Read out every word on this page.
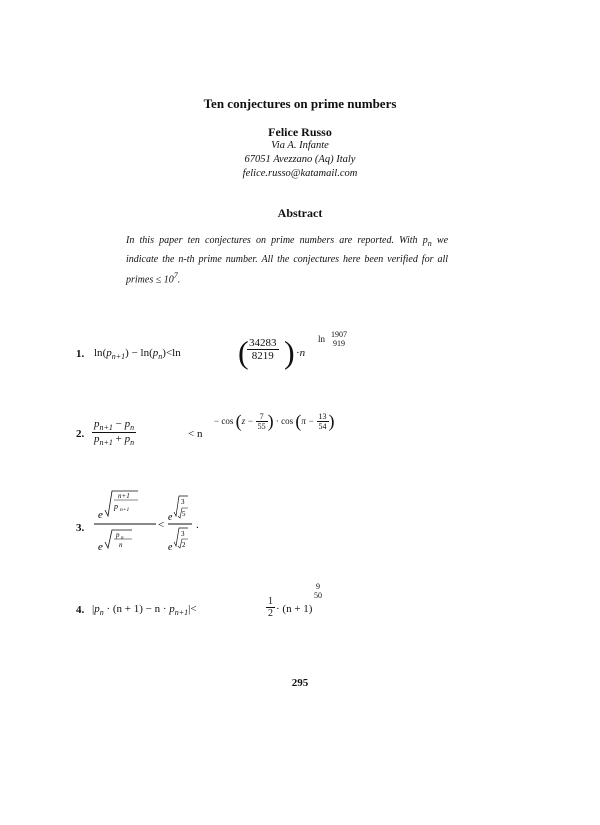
Ten conjectures on prime numbers
Felice Russo
Via A. Infante
67051 Avezzano (Aq) Italy
felice.russo@katamail.com
Abstract
In this paper ten conjectures on prime numbers are reported. With $p_n$ we indicate the n-th prime number. All the conjectures here been verified for all primes ≤ $10^7$.
1. $\ln(p_{n+1}) - \ln(p_n)<\ln$ (
$\frac{34283}{8219}$ ) ·n
ln 1907
919
2. $\frac{p_{n+1} - p_n}{p_{n+1} + p_n}$	< n
− $\cos (z - \frac{7}{55}$ ) · $\cos (\pi - \frac{13}{54}$ )
3.
e
n+1
p n+1
e
p n
n
<
e
3
5
e
3
2
.
4. $|p_n \cdot (n + 1) - n \cdot p_{n+1}|<$	$\frac{1}{2} \cdot (n + 1)$
9
50
295
